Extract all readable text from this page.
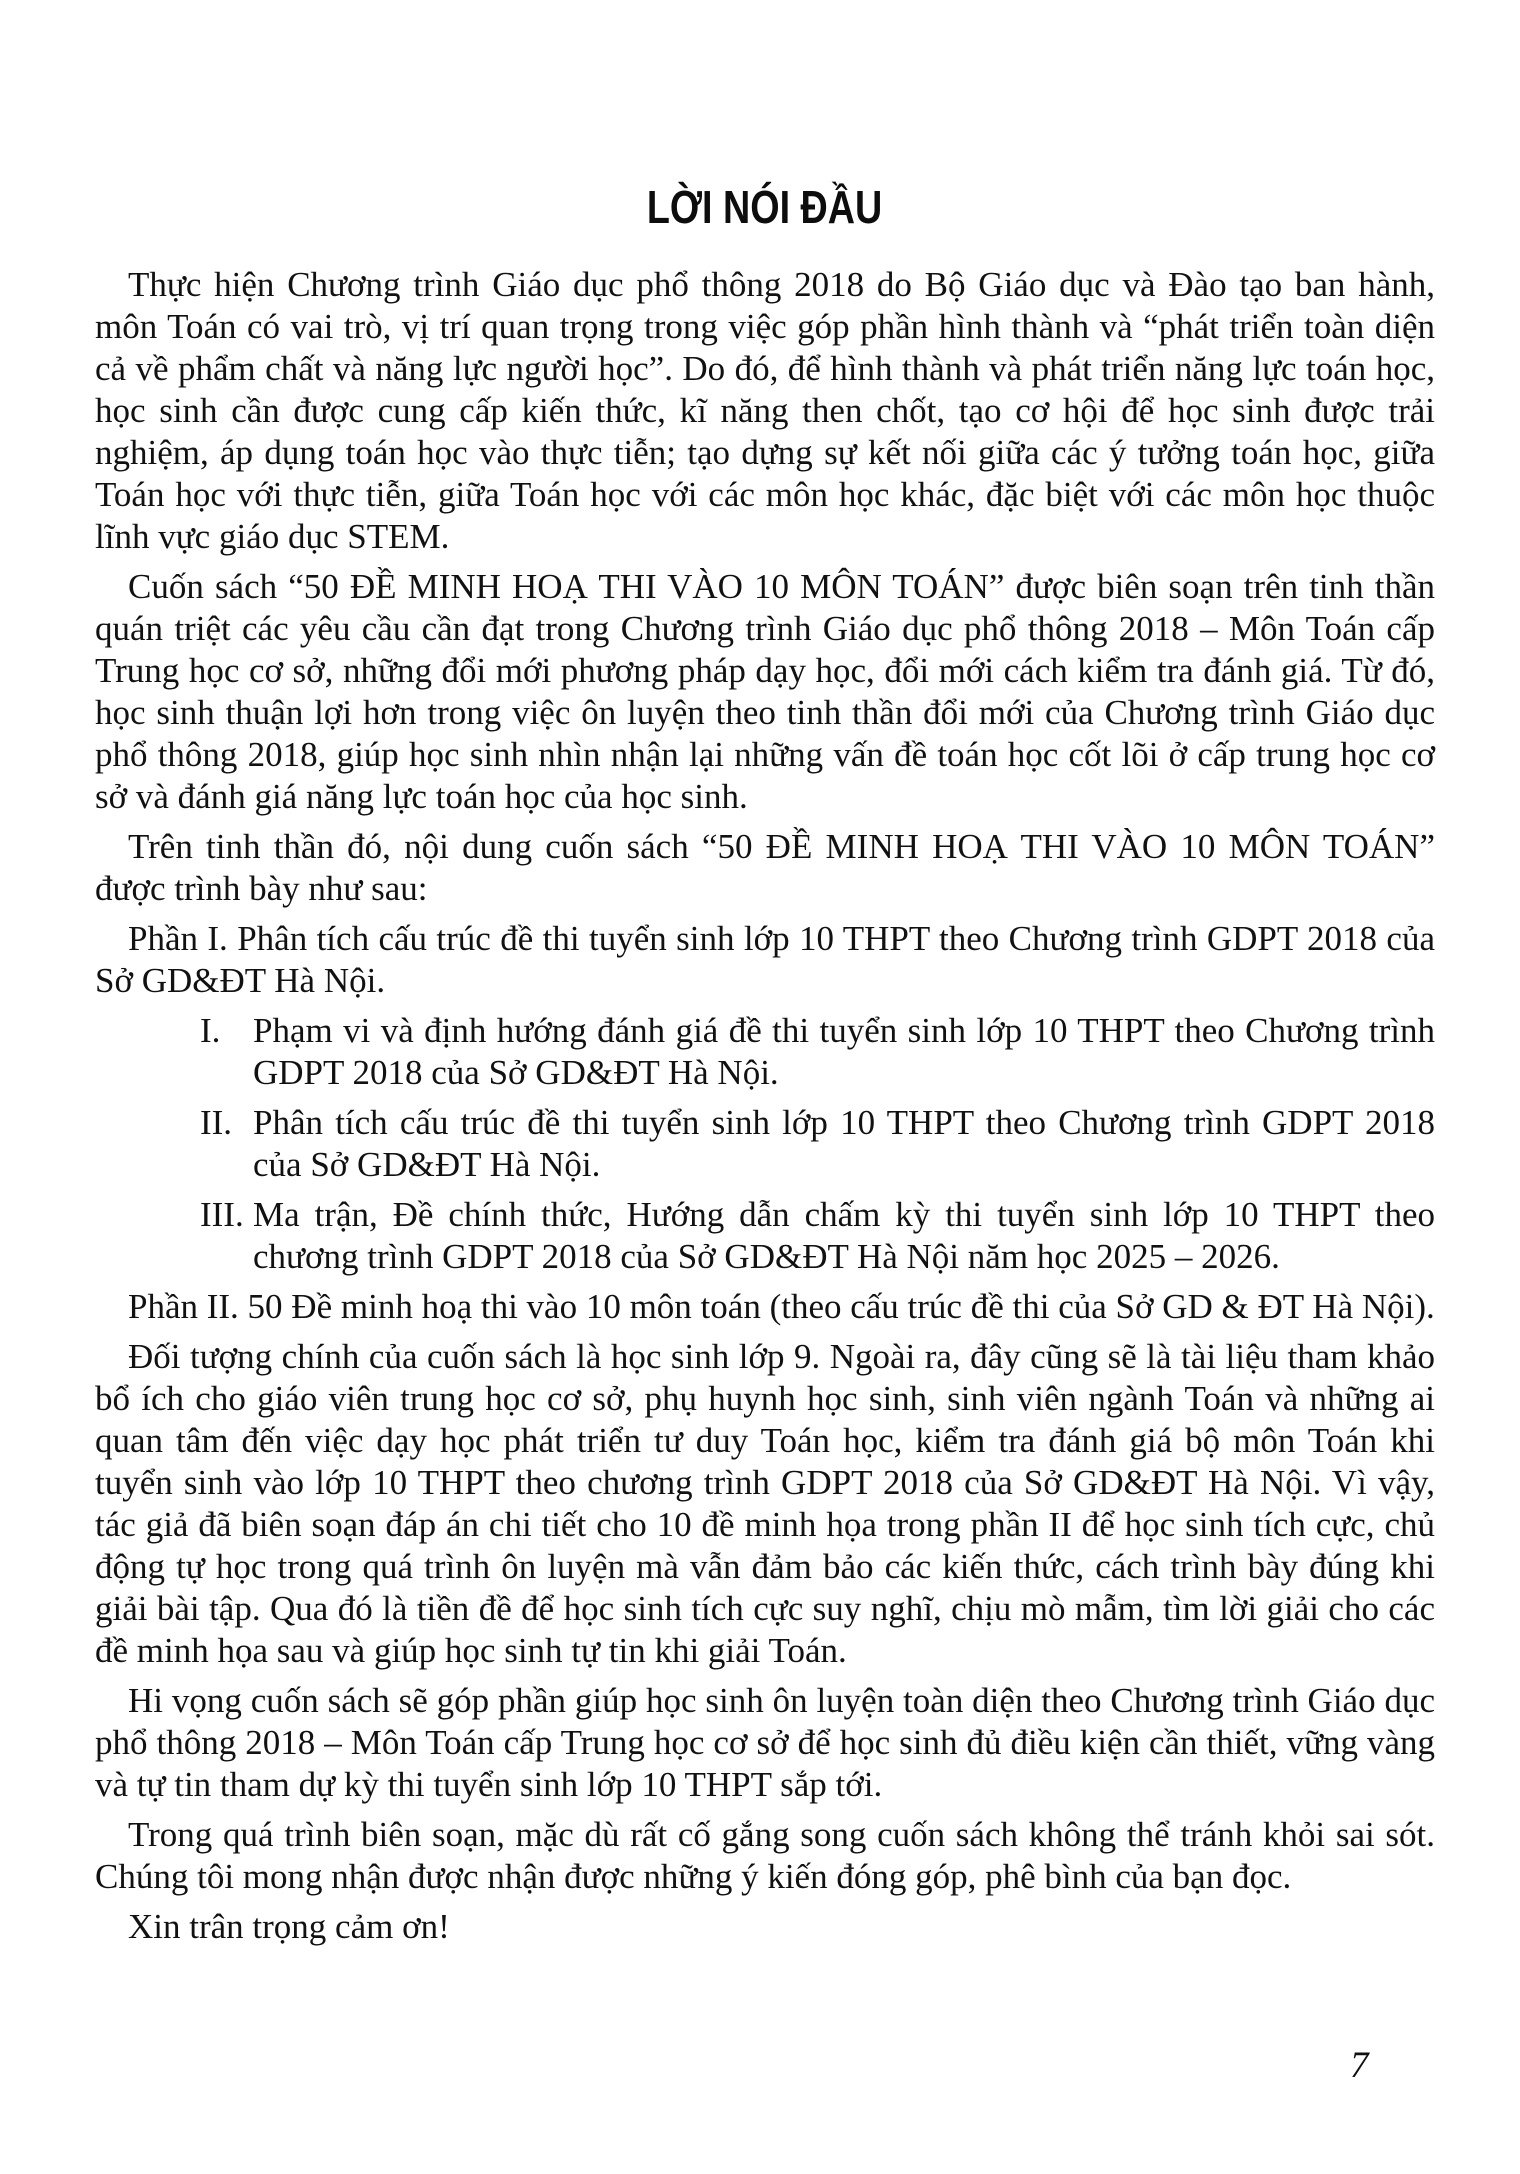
LỜI NÓI ĐẦU

Thực hiện Chương trình Giáo dục phổ thông 2018 do Bộ Giáo dục và Đào tạo ban hành, môn Toán có vai trò, vị trí quan trọng trong việc góp phần hình thành và “phát triển toàn diện cả về phẩm chất và năng lực người học”. Do đó, để hình thành và phát triển năng lực toán học, học sinh cần được cung cấp kiến thức, kĩ năng then chốt, tạo cơ hội để học sinh được trải nghiệm, áp dụng toán học vào thực tiễn; tạo dựng sự kết nối giữa các ý tưởng toán học, giữa Toán học với thực tiễn, giữa Toán học với các môn học khác, đặc biệt với các môn học thuộc lĩnh vực giáo dục STEM.

Cuốn sách “50 ĐỀ MINH HOẠ THI VÀO 10 MÔN TOÁN” được biên soạn trên tinh thần quán triệt các yêu cầu cần đạt trong Chương trình Giáo dục phổ thông 2018 – Môn Toán cấp Trung học cơ sở, những đổi mới phương pháp dạy học, đổi mới cách kiểm tra đánh giá. Từ đó, học sinh thuận lợi hơn trong việc ôn luyện theo tinh thần đổi mới của Chương trình Giáo dục phổ thông 2018, giúp học sinh nhìn nhận lại những vấn đề toán học cốt lõi ở cấp trung học cơ sở và đánh giá năng lực toán học của học sinh.

Trên tinh thần đó, nội dung cuốn sách “50 ĐỀ MINH HOẠ THI VÀO 10 MÔN TOÁN” được trình bày như sau:

Phần I. Phân tích cấu trúc đề thi tuyển sinh lớp 10 THPT theo Chương trình GDPT 2018 của Sở GD&ĐT Hà Nội.

I. Phạm vi và định hướng đánh giá đề thi tuyển sinh lớp 10 THPT theo Chương trình GDPT 2018 của Sở GD&ĐT Hà Nội.
II. Phân tích cấu trúc đề thi tuyển sinh lớp 10 THPT theo Chương trình GDPT 2018 của Sở GD&ĐT Hà Nội.
III. Ma trận, Đề chính thức, Hướng dẫn chấm kỳ thi tuyển sinh lớp 10 THPT theo chương trình GDPT 2018 của Sở GD&ĐT Hà Nội năm học 2025 – 2026.

Phần II. 50 Đề minh hoạ thi vào 10 môn toán (theo cấu trúc đề thi của Sở GD & ĐT Hà Nội).

Đối tượng chính của cuốn sách là học sinh lớp 9. Ngoài ra, đây cũng sẽ là tài liệu tham khảo bổ ích cho giáo viên trung học cơ sở, phụ huynh học sinh, sinh viên ngành Toán và những ai quan tâm đến việc dạy học phát triển tư duy Toán học, kiểm tra đánh giá bộ môn Toán khi tuyển sinh vào lớp 10 THPT theo chương trình GDPT 2018 của Sở GD&ĐT Hà Nội. Vì vậy, tác giả đã biên soạn đáp án chi tiết cho 10 đề minh họa trong phần II để học sinh tích cực, chủ động tự học trong quá trình ôn luyện mà vẫn đảm bảo các kiến thức, cách trình bày đúng khi giải bài tập. Qua đó là tiền đề để học sinh tích cực suy nghĩ, chịu mò mẫm, tìm lời giải cho các đề minh họa sau và giúp học sinh tự tin khi giải Toán.

Hi vọng cuốn sách sẽ góp phần giúp học sinh ôn luyện toàn diện theo Chương trình Giáo dục phổ thông 2018 – Môn Toán cấp Trung học cơ sở để học sinh đủ điều kiện cần thiết, vững vàng và tự tin tham dự kỳ thi tuyển sinh lớp 10 THPT sắp tới.

Trong quá trình biên soạn, mặc dù rất cố gắng song cuốn sách không thể tránh khỏi sai sót. Chúng tôi mong nhận được nhận được những ý kiến đóng góp, phê bình của bạn đọc.

Xin trân trọng cảm ơn!

7
